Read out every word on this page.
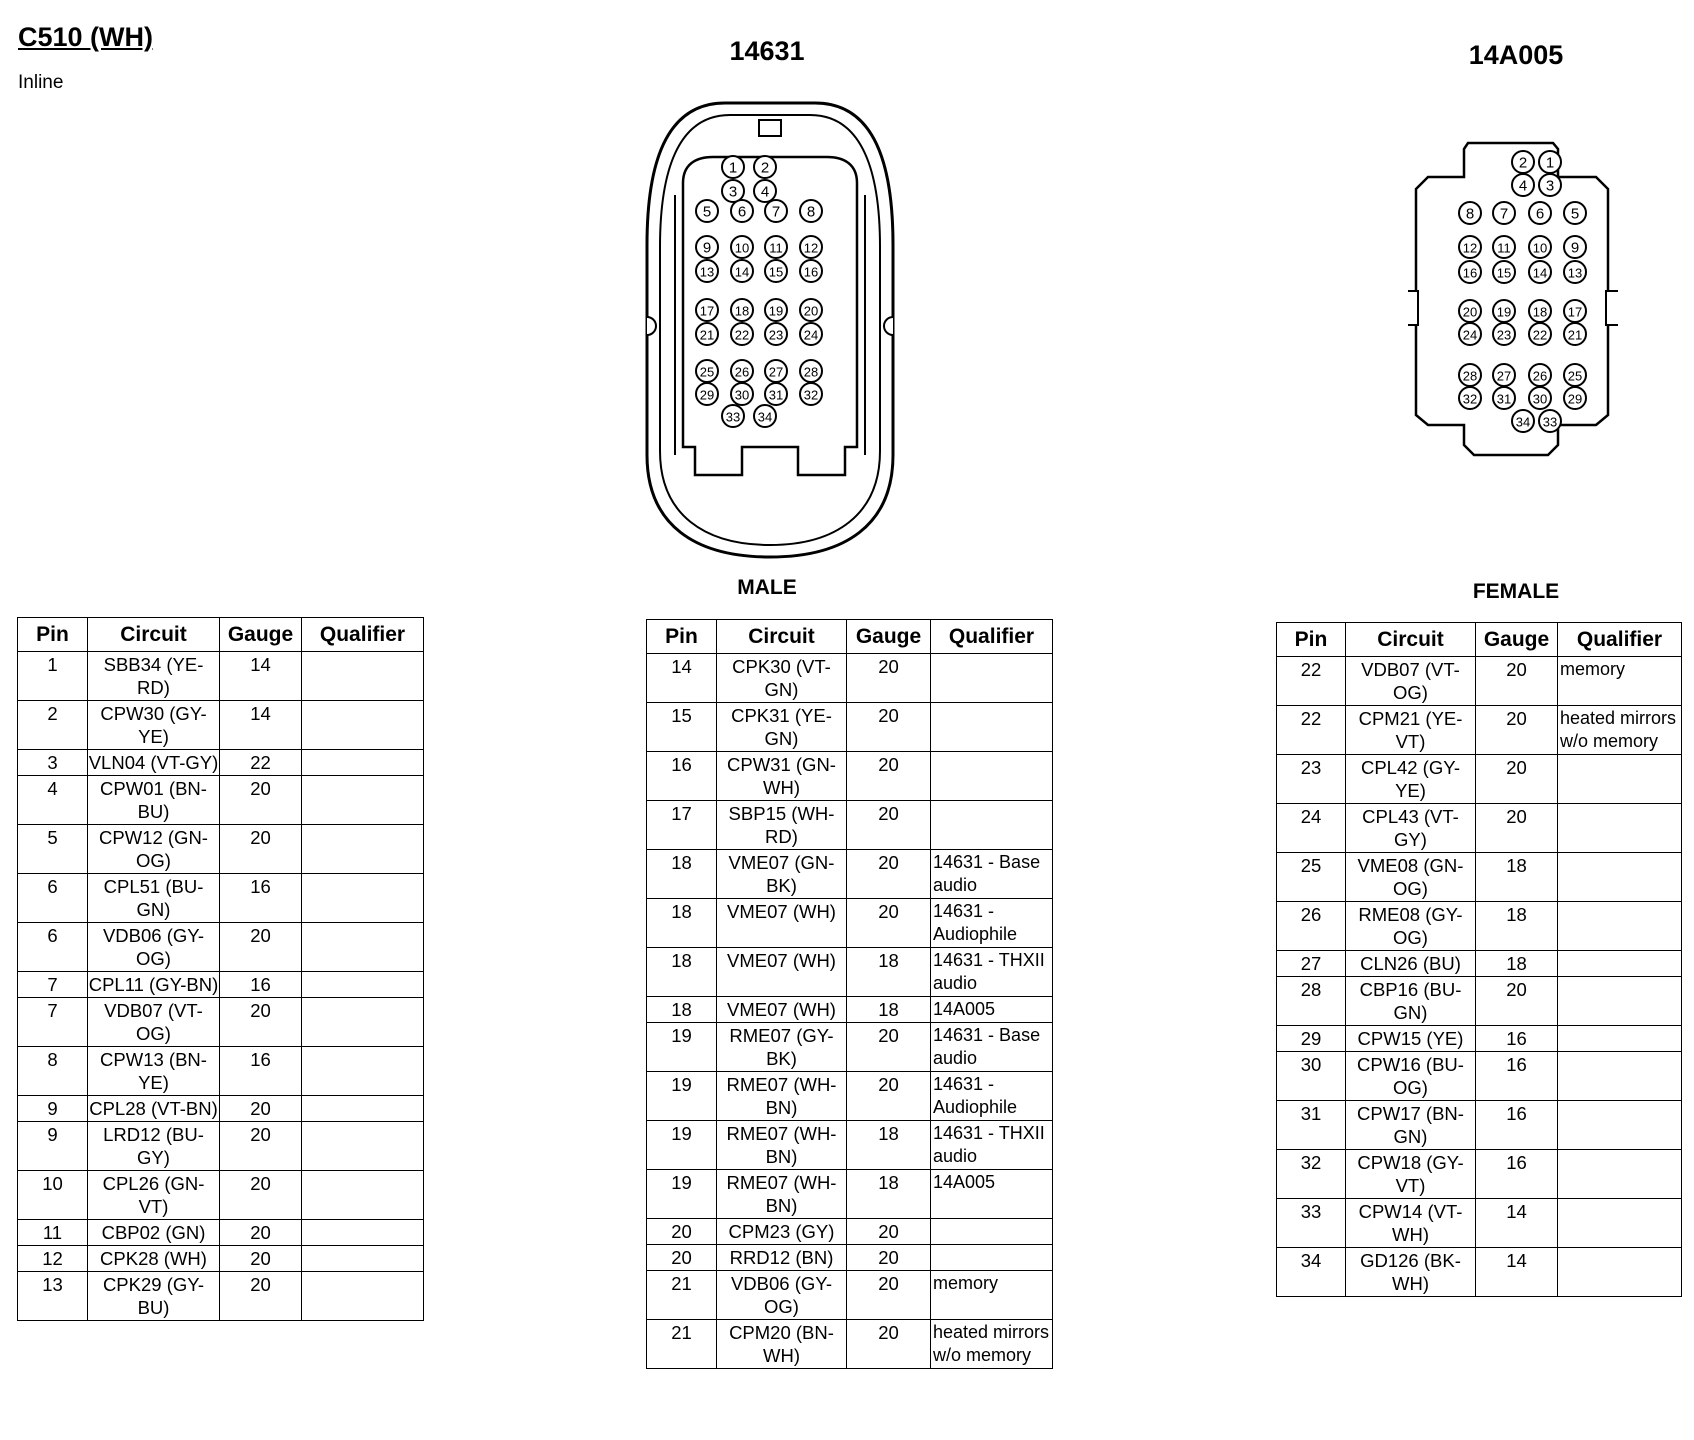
C510 (WH)
Inline
14631	14A005
1 2
3 4
5 6 7 8
9 10 11 12
13 14 15 16
17 18 19 20
21 22 23 24
25 26 27 28
29 30 31 32
33 34
1
2
3
4
5
6
7
8
9
10
11
12
13
14
15
16
17
18
19
20
21
22
23
24
25
26
27
28
29
30
31
32
33
34
MALE	FEMALE
Pin	Circuit	Gauge	Qualifier
1	SBB34 (YE-RD)	14	
2	CPW30 (GY-YE)	14	
3	VLN04 (VT-GY)	22	
4	CPW01 (BN-BU)	20	
5	CPW12 (GN-OG)	20	
6	CPL51 (BU-GN)	16	
6	VDB06 (GY-OG)	20	
7	CPL11 (GY-BN)	16	
7	VDB07 (VT-OG)	20	
8	CPW13 (BN-YE)	16	
9	CPL28 (VT-BN)	20	
9	LRD12 (BU-GY)	20	
10	CPL26 (GN-VT)	20	
11	CBP02 (GN)	20	
12	CPK28 (WH)	20	
13	CPK29 (GY-BU)	20	
Pin	Circuit	Gauge	Qualifier
14	CPK30 (VT-GN)	20	
15	CPK31 (YE-GN)	20	
16	CPW31 (GN-WH)	20	
17	SBP15 (WH-RD)	20	
18	VME07 (GN-BK)	20	14631 - Base audio
18	VME07 (WH)	20	14631 - Audiophile
18	VME07 (WH)	18	14631 - THXII audio
18	VME07 (WH)	18	14A005
19	RME07 (GY-BK)	20	14631 - Base audio
19	RME07 (WH-BN)	20	14631 - Audiophile
19	RME07 (WH-BN)	18	14631 - THXII audio
19	RME07 (WH-BN)	18	14A005
20	CPM23 (GY)	20	
20	RRD12 (BN)	20	
21	VDB06 (GY-OG)	20	memory
21	CPM20 (BN-WH)	20	heated mirrors w/o memory
Pin	Circuit	Gauge	Qualifier
22	VDB07 (VT-OG)	20	memory
22	CPM21 (YE-VT)	20	heated mirrors w/o memory
23	CPL42 (GY-YE)	20	
24	CPL43 (VT-GY)	20	
25	VME08 (GN-OG)	18	
26	RME08 (GY-OG)	18	
27	CLN26 (BU)	18	
28	CBP16 (BU-GN)	20	
29	CPW15 (YE)	16	
30	CPW16 (BU-OG)	16	
31	CPW17 (BN-GN)	16	
32	CPW18 (GY-VT)	16	
33	CPW14 (VT-WH)	14	
34	GD126 (BK-WH)	14	
